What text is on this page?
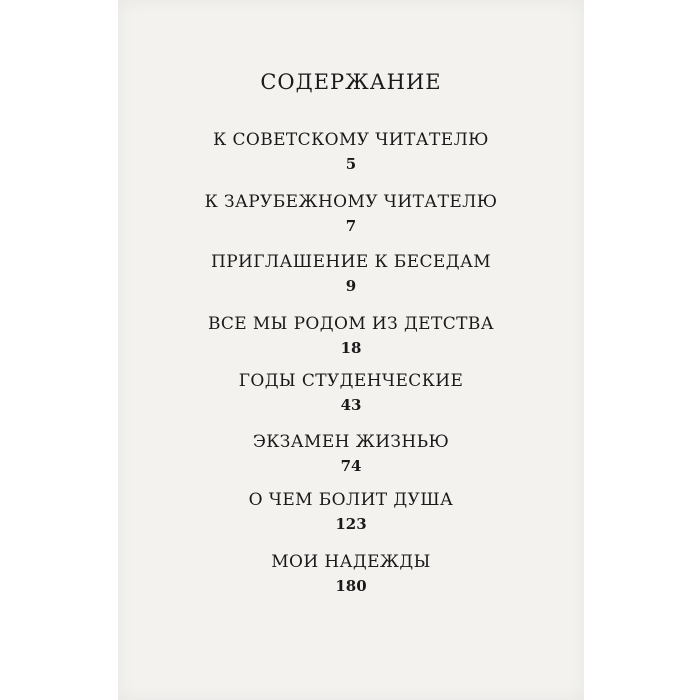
СОДЕРЖАНИЕ
К СОВЕТСКОМУ ЧИТАТЕЛЮ
5
К ЗАРУБЕЖНОМУ ЧИТАТЕЛЮ
7
ПРИГЛАШЕНИЕ К БЕСЕДАМ
9
ВСЕ МЫ РОДОМ ИЗ ДЕТСТВА
18
ГОДЫ СТУДЕНЧЕСКИЕ
43
ЭКЗАМЕН ЖИЗНЬЮ
74
О ЧЕМ БОЛИТ ДУША
123
МОИ НАДЕЖДЫ
180
